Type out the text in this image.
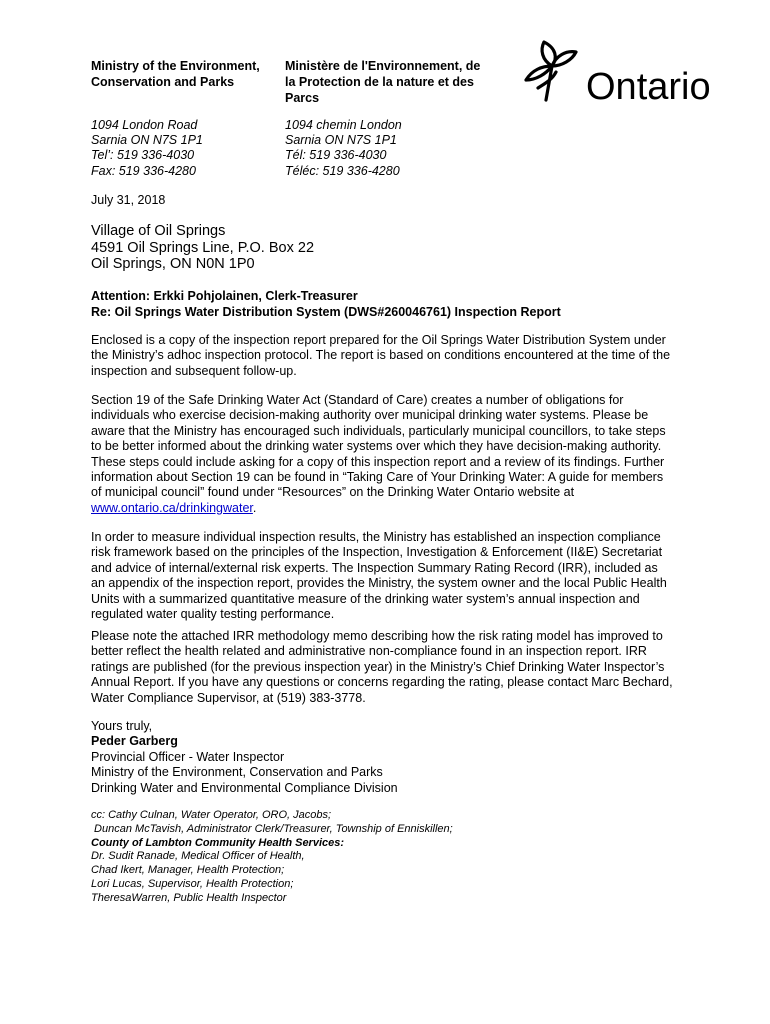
Ministry of the Environment,
Conservation and Parks
Ministère de l'Environnement, de
la Protection de la nature et des
Parcs	Ontario
1094 London Road
Sarnia ON N7S 1P1
Tel’: 519 336-4030
Fax: 519 336-4280
1094 chemin London
Sarnia ON N7S 1P1
Tél: 519 336-4030
Téléc: 519 336-4280
July 31, 2018
Village of Oil Springs
4591 Oil Springs Line, P.O. Box 22
Oil Springs, ON N0N 1P0
Attention: Erkki Pohjolainen, Clerk-Treasurer
Re: Oil Springs Water Distribution System (DWS#260046761) Inspection Report
Enclosed is a copy of the inspection report prepared for the Oil Springs Water Distribution System under
the Ministry’s adhoc inspection protocol. The report is based on conditions encountered at the time of the
inspection and subsequent follow-up.
Section 19 of the Safe Drinking Water Act (Standard of Care) creates a number of obligations for
individuals who exercise decision-making authority over municipal drinking water systems. Please be
aware that the Ministry has encouraged such individuals, particularly municipal councillors, to take steps
to be better informed about the drinking water systems over which they have decision-making authority.
These steps could include asking for a copy of this inspection report and a review of its findings. Further
information about Section 19 can be found in “Taking Care of Your Drinking Water: A guide for members
of municipal council” found under “Resources” on the Drinking Water Ontario website at
www.ontario.ca/drinkingwater.
In order to measure individual inspection results, the Ministry has established an inspection compliance
risk framework based on the principles of the Inspection, Investigation & Enforcement (II&E) Secretariat
and advice of internal/external risk experts. The Inspection Summary Rating Record (IRR), included as
an appendix of the inspection report, provides the Ministry, the system owner and the local Public Health
Units with a summarized quantitative measure of the drinking water system’s annual inspection and
regulated water quality testing performance.
Please note the attached IRR methodology memo describing how the risk rating model has improved to
better reflect the health related and administrative non-compliance found in an inspection report. IRR
ratings are published (for the previous inspection year) in the Ministry’s Chief Drinking Water Inspector’s
Annual Report. If you have any questions or concerns regarding the rating, please contact Marc Bechard,
Water Compliance Supervisor, at (519) 383-3778.
Yours truly,
Peder Garberg
Provincial Officer - Water Inspector
Ministry of the Environment, Conservation and Parks
Drinking Water and Environmental Compliance Division
cc: Cathy Culnan, Water Operator, ORO, Jacobs;
Duncan McTavish, Administrator Clerk/Treasurer, Township of Enniskillen;
County of Lambton Community Health Services:
Dr. Sudit Ranade, Medical Officer of Health,
Chad Ikert, Manager, Health Protection;
Lori Lucas, Supervisor, Health Protection;
TheresaWarren, Public Health Inspector
